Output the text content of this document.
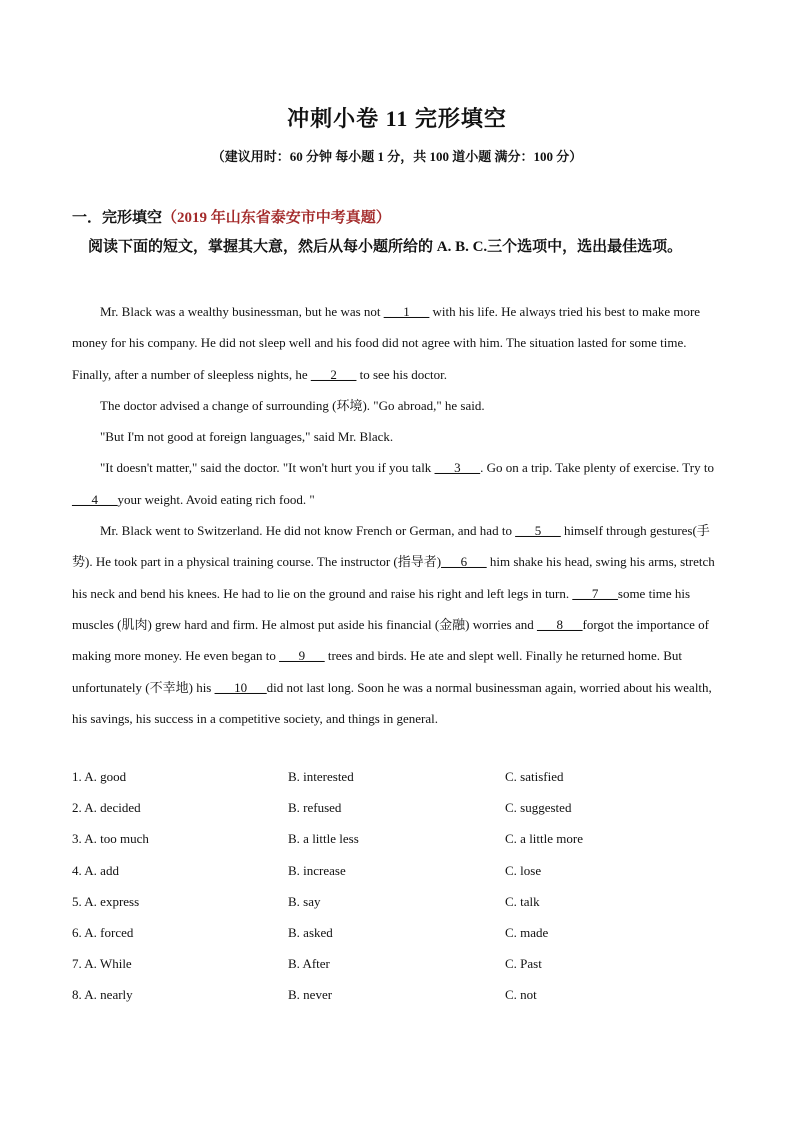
冲刺小卷 11 完形填空
（建议用时：60 分钟 每小题 1 分，共 100 道小题 满分：100 分）
一．完形填空（2019 年山东省泰安市中考真题）
阅读下面的短文，掌握其大意，然后从每小题所给的 A. B. C.三个选项中，选出最佳选项。

Mr. Black was a wealthy businessman, but he was not ___1___ with his life. He always tried his best to make more money for his company. He did not sleep well and his food did not agree with him. The situation lasted for some time. Finally, after a number of sleepless nights, he ___2___ to see his doctor.

The doctor advised a change of surrounding (环境). "Go abroad," he said.

"But I'm not good at foreign languages," said Mr. Black.

"It doesn't matter," said the doctor. "It won't hurt you if you talk ___3___. Go on a trip. Take plenty of exercise. Try to ___4___your weight. Avoid eating rich food. "

Mr. Black went to Switzerland. He did not know French or German, and had to ___5___ himself through gestures(手势). He took part in a physical training course. The instructor (指导者)___6___ him shake his head, swing his arms, stretch his neck and bend his knees. He had to lie on the ground and raise his right and left legs in turn. ___7___some time his muscles (肌肉) grew hard and firm. He almost put aside his financial (金融) worries and ___8___forgot the importance of making more money. He even began to ___9___ trees and birds. He ate and slept well. Finally he returned home. But unfortunately (不幸地) his ___10___did not last long. Soon he was a normal businessman again, worried about his wealth, his savings, his success in a competitive society, and things in general.

1. A. good	B. interested	C. satisfied
2. A. decided	B. refused	C. suggested
3. A. too much	B. a little less	C. a little more
4. A. add	B. increase	C. lose
5. A. express	B. say	C. talk
6. A. forced	B. asked	C. made
7. A. While	B. After	C. Past
8. A. nearly	B. never	C. not
